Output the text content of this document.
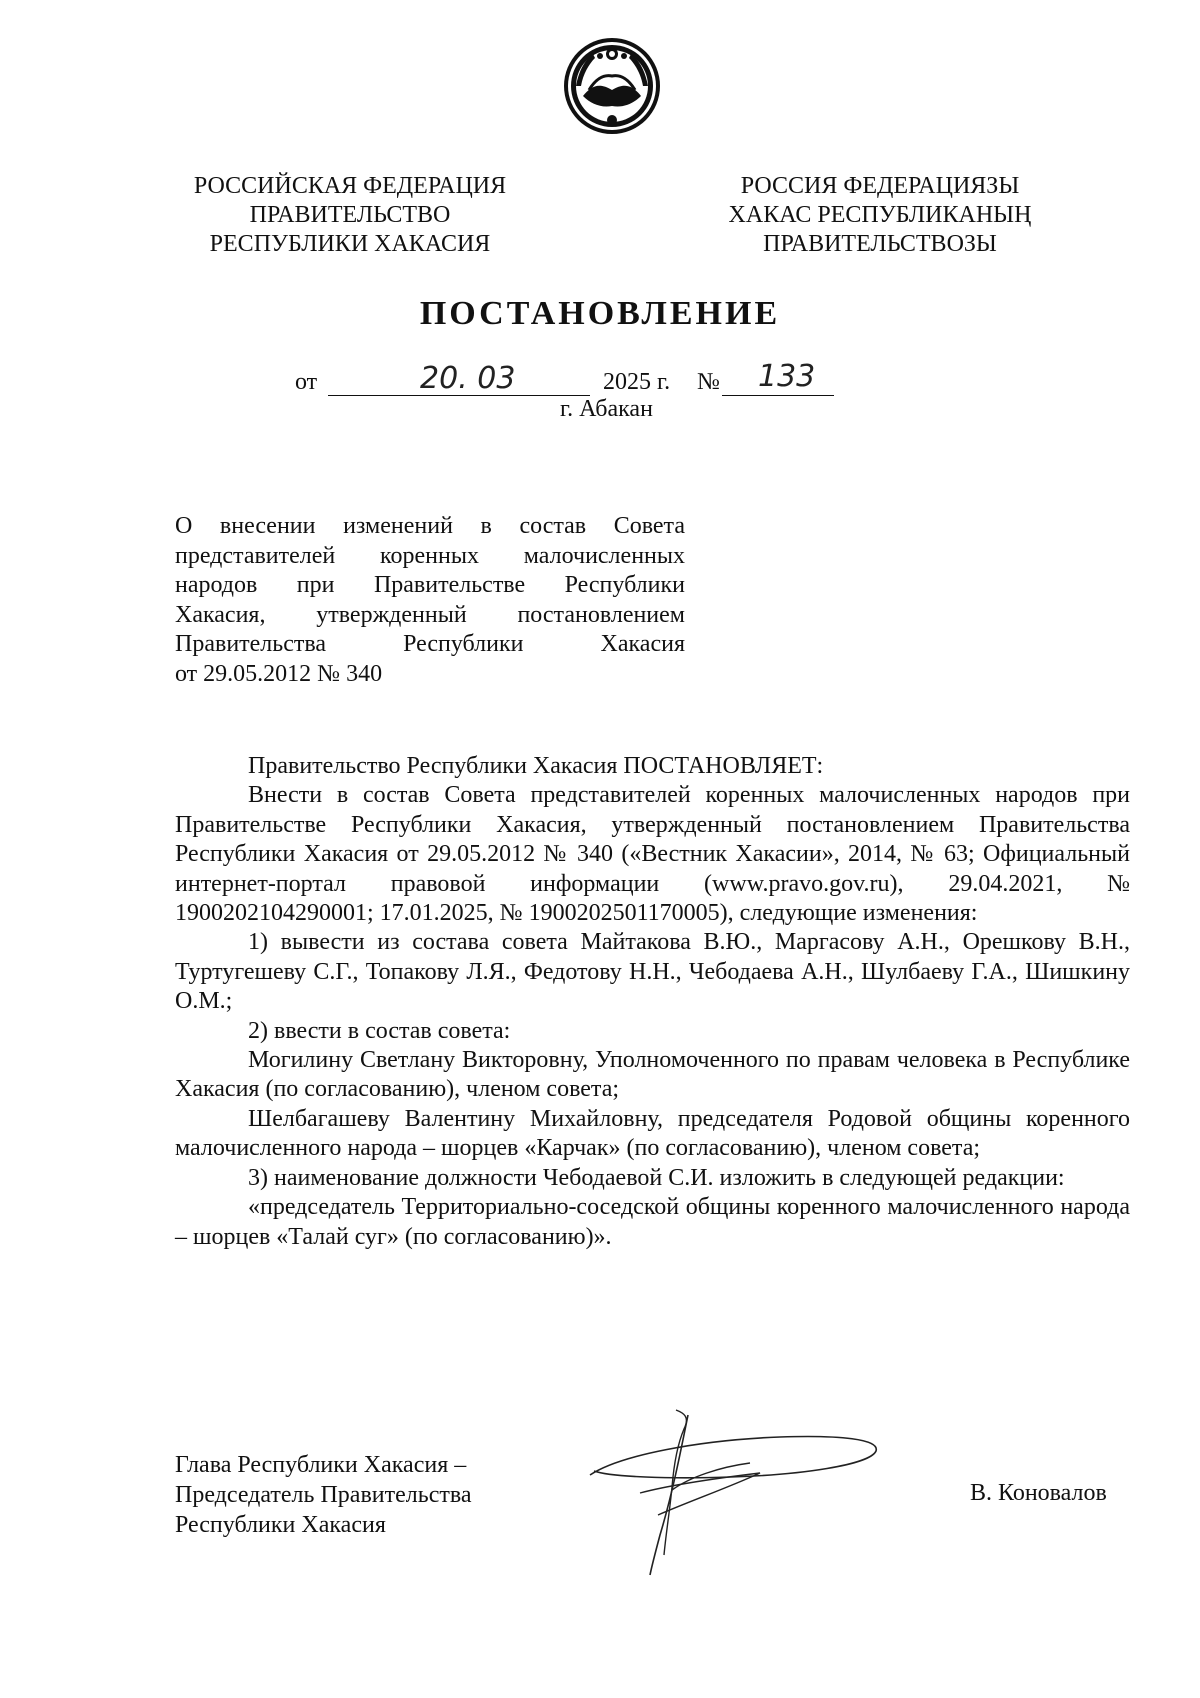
РОССИЙСКАЯ ФЕДЕРАЦИЯ
ПРАВИТЕЛЬСТВО
РЕСПУБЛИКИ ХАКАСИЯ
РОССИЯ ФЕДЕРАЦИЯЗЫ
ХАКАС РЕСПУБЛИКАНЫҢ
ПРАВИТЕЛЬСТВОЗЫ
ПОСТАНОВЛЕНИЕ
от	20. 03	2025 г. № 133
г. Абакан
О внесении изменений в состав Совета
представителей коренных малочисленных
народов при Правительстве Республики
Хакасия, утвержденный постановлением
Правительства Республики Хакасия
от 29.05.2012 № 340

Правительство Республики Хакасия ПОСТАНОВЛЯЕТ:

Внести в состав Совета представителей коренных малочисленных народов при Правительстве Республики Хакасия, утвержденный постановлением Правительства Республики Хакасия от 29.05.2012 № 340 («Вестник Хакасии», 2014, № 63; Официальный интернет-портал правовой информации (www.pravo.gov.ru), 29.04.2021, № 1900202104290001; 17.01.2025, № 1900202501170005), следующие изменения:

1) вывести из состава совета Майтакова В.Ю., Маргасову А.Н., Орешкову В.Н., Туртугешеву С.Г., Топакову Л.Я., Федотову Н.Н., Чебодаева А.Н., Шулбаеву Г.А., Шишкину О.М.;

2) ввести в состав совета:

Могилину Светлану Викторовну, Уполномоченного по правам человека в Республике Хакасия (по согласованию), членом совета;

Шелбагашеву Валентину Михайловну, председателя Родовой общины коренного малочисленного народа – шорцев «Карчак» (по согласованию), членом совета;

3) наименование должности Чебодаевой С.И. изложить в следующей редакции:

«председатель Территориально-соседской общины коренного малочисленного народа – шорцев «Талай суг» (по согласованию)».

Глава Республики Хакасия –
Председатель Правительства
Республики Хакасия
В. Коновалов
